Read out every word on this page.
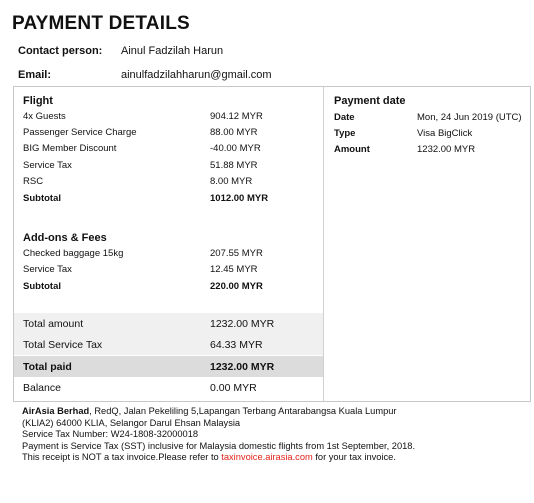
PAYMENT DETAILS
Contact person: Ainul Fadzilah Harun
Email:	ainulfadzilahharun@gmail.com
Flight
4x Guests	904.12 MYR
Passenger Service Charge	88.00 MYR
BIG Member Discount	-40.00 MYR
Service Tax	51.88 MYR
RSC	8.00 MYR
Subtotal	1012.00 MYR
Add-ons & Fees
Checked baggage 15kg	207.55 MYR
Service Tax	12.45 MYR
Subtotal	220.00 MYR
Total amount	1232.00 MYR
Total Service Tax	64.33 MYR
Total paid	1232.00 MYR
Balance	0.00 MYR
Payment date
Date	Mon, 24 Jun 2019 (UTC)
Type	Visa BigClick
Amount	1232.00 MYR
AirAsia Berhad, RedQ, Jalan Pekeliling 5,Lapangan Terbang Antarabangsa Kuala Lumpur (KLIA2) 64000 KLIA, Selangor Darul Ehsan Malaysia
Service Tax Number: W24-1808-32000018
Payment is Service Tax (SST) inclusive for Malaysia domestic flights from 1st September, 2018.
This receipt is NOT a tax invoice.Please refer to taxinvoice.airasia.com for your tax invoice.
